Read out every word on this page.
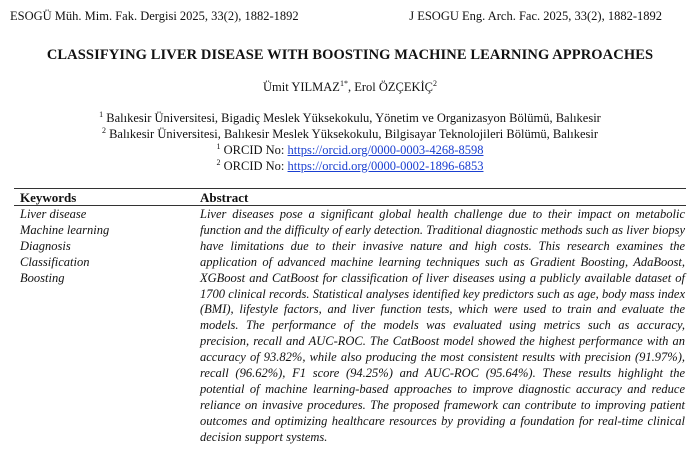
ESOGÜ Müh. Mim. Fak. Dergisi 2025, 33(2), 1882-1892	J ESOGU Eng. Arch. Fac. 2025, 33(2), 1882-1892
CLASSIFYING LIVER DISEASE WITH BOOSTING MACHINE LEARNING APPROACHES
Ümit $YILMAZ^{1*}$, Erol ÖZÇEKİÇ$^2$
$^1$ Balıkesir Üniversitesi, Bigadiç Meslek Yüksekokulu, Yönetim ve Organizasyon Bölümü, Balıkesir
$^2$ Balıkesir Üniversitesi, Balıkesir Meslek Yüksekokulu, Bilgisayar Teknolojileri Bölümü, Balıkesir
$^1$ ORCID No: https://orcid.org/0000-0003-4268-8598
$^2$ ORCID No: https://orcid.org/0000-0002-1896-6853
Keywords	Abstract
Liver disease
Machine learning
Diagnosis
Classification
Boosting

Liver diseases pose a significant global health challenge due to their impact on metabolic function and the difficulty of early detection. Traditional diagnostic methods such as liver biopsy have limitations due to their invasive nature and high costs. This research examines the application of advanced machine learning techniques such as Gradient Boosting, AdaBoost, XGBoost and CatBoost for classification of liver diseases using a publicly available dataset of 1700 clinical records. Statistical analyses identified key predictors such as age, body mass index (BMI), lifestyle factors, and liver function tests, which were used to train and evaluate the models. The performance of the models was evaluated using metrics such as accuracy, precision, recall and AUC-ROC. The CatBoost model showed the highest performance with an accuracy of 93.82%, while also producing the most consistent results with precision (91.97%), recall (96.62%), F1 score (94.25%) and AUC-ROC (95.64%). These results highlight the potential of machine learning-based approaches to improve diagnostic accuracy and reduce reliance on invasive procedures. The proposed framework can contribute to improving patient outcomes and optimizing healthcare resources by providing a foundation for real-time clinical decision support systems.
